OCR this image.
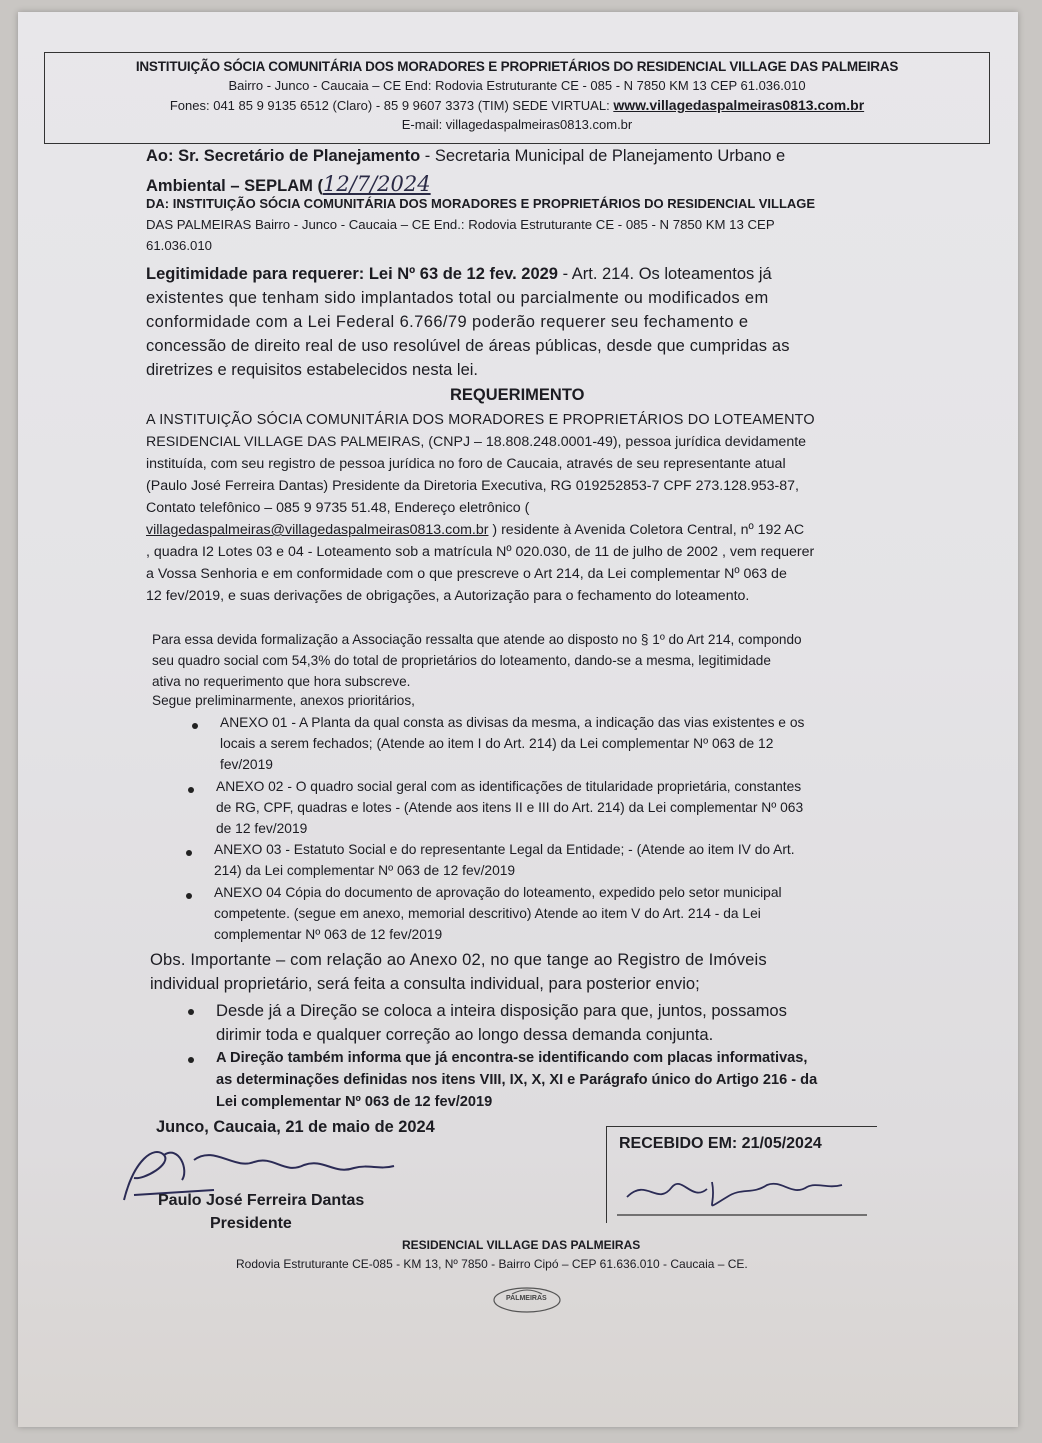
INSTITUIÇÃO SÓCIA COMUNITÁRIA DOS MORADORES E PROPRIETÁRIOS DO RESIDENCIAL VILLAGE DAS PALMEIRAS
Bairro - Junco - Caucaia – CE End: Rodovia Estruturante CE - 085 - N 7850 KM 13 CEP 61.036.010
Fones: 041 85 9 9135 6512 (Claro) - 85 9 9607 3373 (TIM) SEDE VIRTUAL: www.villagedaspalmeiras0813.com.br
E-mail: villagedaspalmeiras0813.com.br
Ao: Sr. Secretário de Planejamento - Secretaria Municipal de Planejamento Urbano e
Ambiental – SEPLAM (12/7/2024
DA: INSTITUIÇÃO SÓCIA COMUNITÁRIA DOS MORADORES E PROPRIETÁRIOS DO RESIDENCIAL VILLAGE
DAS PALMEIRAS Bairro - Junco - Caucaia – CE End.: Rodovia Estruturante CE - 085 - N 7850 KM 13 CEP
61.036.010
Legitimidade para requerer: Lei Nº 63 de 12 fev. 2029 - Art. 214. Os loteamentos já
existentes que tenham sido implantados total ou parcialmente ou modificados em
conformidade com a Lei Federal 6.766/79 poderão requerer seu fechamento e
concessão de direito real de uso resolúvel de áreas públicas, desde que cumpridas as
diretrizes e requisitos estabelecidos nesta lei.
REQUERIMENTO
A INSTITUIÇÃO SÓCIA COMUNITÁRIA DOS MORADORES E PROPRIETÁRIOS DO LOTEAMENTO
RESIDENCIAL VILLAGE DAS PALMEIRAS, (CNPJ – 18.808.248.0001-49), pessoa jurídica devidamente
instituída, com seu registro de pessoa jurídica no foro de Caucaia, através de seu representante atual
(Paulo José Ferreira Dantas) Presidente da Diretoria Executiva, RG 019252853-7 CPF 273.128.953-87,
Contato telefônico – 085 9 9735 51.48, Endereço eletrônico (
villagedaspalmeiras@villagedaspalmeiras0813.com.br ) residente à Avenida Coletora Central, nº 192 AC
, quadra I2 Lotes 03 e 04 - Loteamento sob a matrícula Nº 020.030, de 11 de julho de 2002 , vem requerer
a Vossa Senhoria e em conformidade com o que prescreve o Art 214, da Lei complementar Nº 063 de
12 fev/2019, e suas derivações de obrigações, a Autorização para o fechamento do loteamento.
Para essa devida formalização a Associação ressalta que atende ao disposto no § 1º do Art 214, compondo
seu quadro social com 54,3% do total de proprietários do loteamento, dando-se a mesma, legitimidade
ativa no requerimento que hora subscreve.
Segue preliminarmente, anexos prioritários,
ANEXO 01 - A Planta da qual consta as divisas da mesma, a indicação das vias existentes e os
locais a serem fechados; (Atende ao item I do Art. 214) da Lei complementar Nº 063 de 12
fev/2019
ANEXO 02 - O quadro social geral com as identificações de titularidade proprietária, constantes
de RG, CPF, quadras e lotes - (Atende aos itens II e III do Art. 214) da Lei complementar Nº 063
de 12 fev/2019
ANEXO 03 - Estatuto Social e do representante Legal da Entidade; - (Atende ao item IV do Art.
214) da Lei complementar Nº 063 de 12 fev/2019
ANEXO 04 Cópia do documento de aprovação do loteamento, expedido pelo setor municipal
competente. (segue em anexo, memorial descritivo) Atende ao item V do Art. 214 - da Lei
complementar Nº 063 de 12 fev/2019
Obs. Importante – com relação ao Anexo 02, no que tange ao Registro de Imóveis
individual proprietário, será feita a consulta individual, para posterior envio;
Desde já a Direção se coloca a inteira disposição para que, juntos, possamos
dirimir toda e qualquer correção ao longo dessa demanda conjunta.
A Direção também informa que já encontra-se identificando com placas informativas,
as determinações definidas nos itens VIII, IX, X, XI e Parágrafo único do Artigo 216 - da
Lei complementar Nº 063 de 12 fev/2019
Junco, Caucaia, 21 de maio de 2024
Paulo José Ferreira Dantas
Presidente
RECEBIDO EM: 21/05/2024
RESIDENCIAL VILLAGE DAS PALMEIRAS
Rodovia Estruturante CE-085 - KM 13, Nº 7850 - Bairro Cipó – CEP 61.636.010 - Caucaia – CE.
PALMEIRAS
